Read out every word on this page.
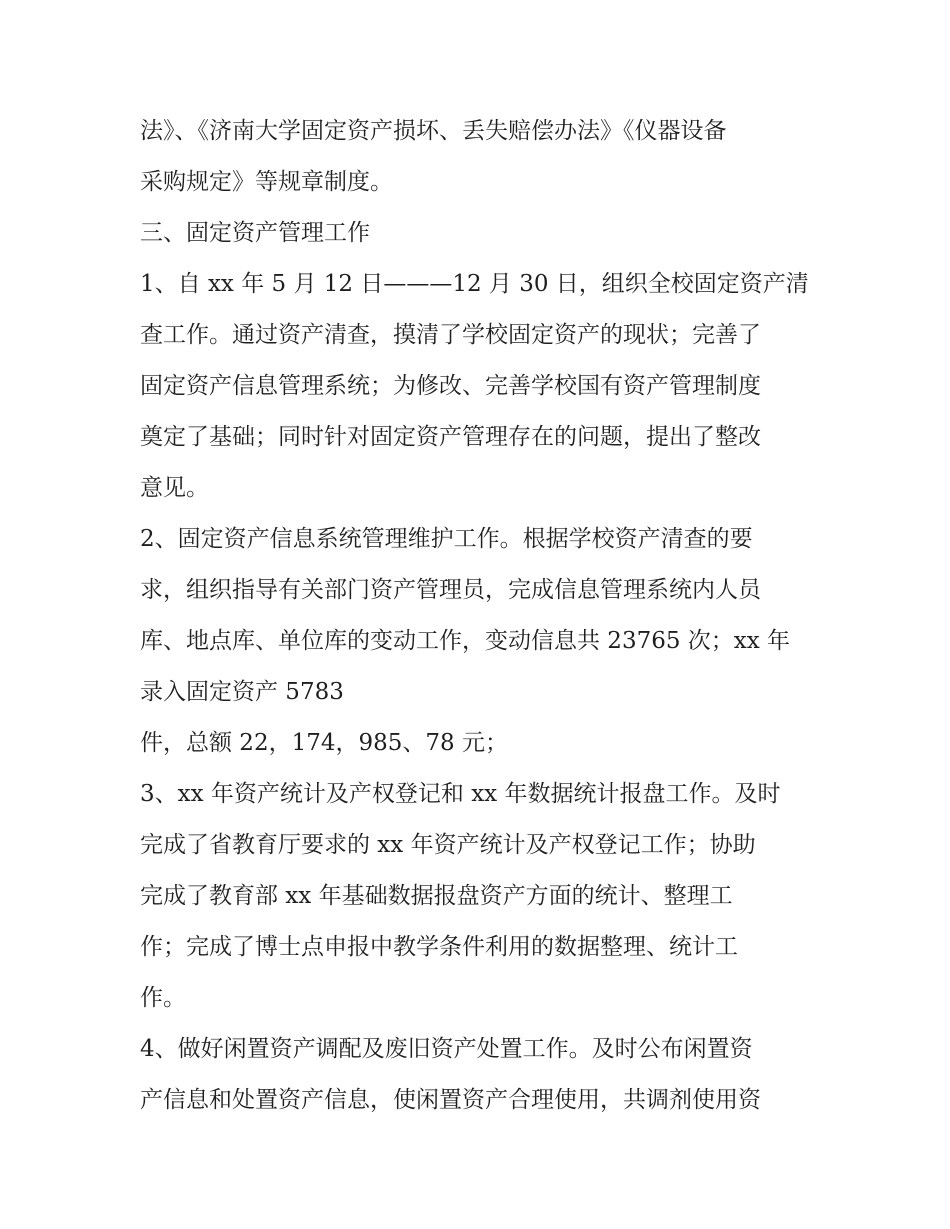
法》、《济南大学固定资产损坏、丢失赔偿办法》《仪器设备
采购规定》等规章制度。
三、固定资产管理工作
1、自 xx 年 5 月 12 日———12 月 30 日，组织全校固定资产清
查工作。通过资产清查，摸清了学校固定资产的现状；完善了
固定资产信息管理系统；为修改、完善学校国有资产管理制度
奠定了基础；同时针对固定资产管理存在的问题，提出了整改
意见。
2、固定资产信息系统管理维护工作。根据学校资产清查的要
求，组织指导有关部门资产管理员，完成信息管理系统内人员
库、地点库、单位库的变动工作，变动信息共 23765 次；xx 年
录入固定资产 5783
件，总额 22，174，985、78 元；
3、xx 年资产统计及产权登记和 xx 年数据统计报盘工作。及时
完成了省教育厅要求的 xx 年资产统计及产权登记工作；协助
完成了教育部 xx 年基础数据报盘资产方面的统计、整理工
作；完成了博士点申报中教学条件利用的数据整理、统计工
作。
4、做好闲置资产调配及废旧资产处置工作。及时公布闲置资
产信息和处置资产信息，使闲置资产合理使用，共调剂使用资
